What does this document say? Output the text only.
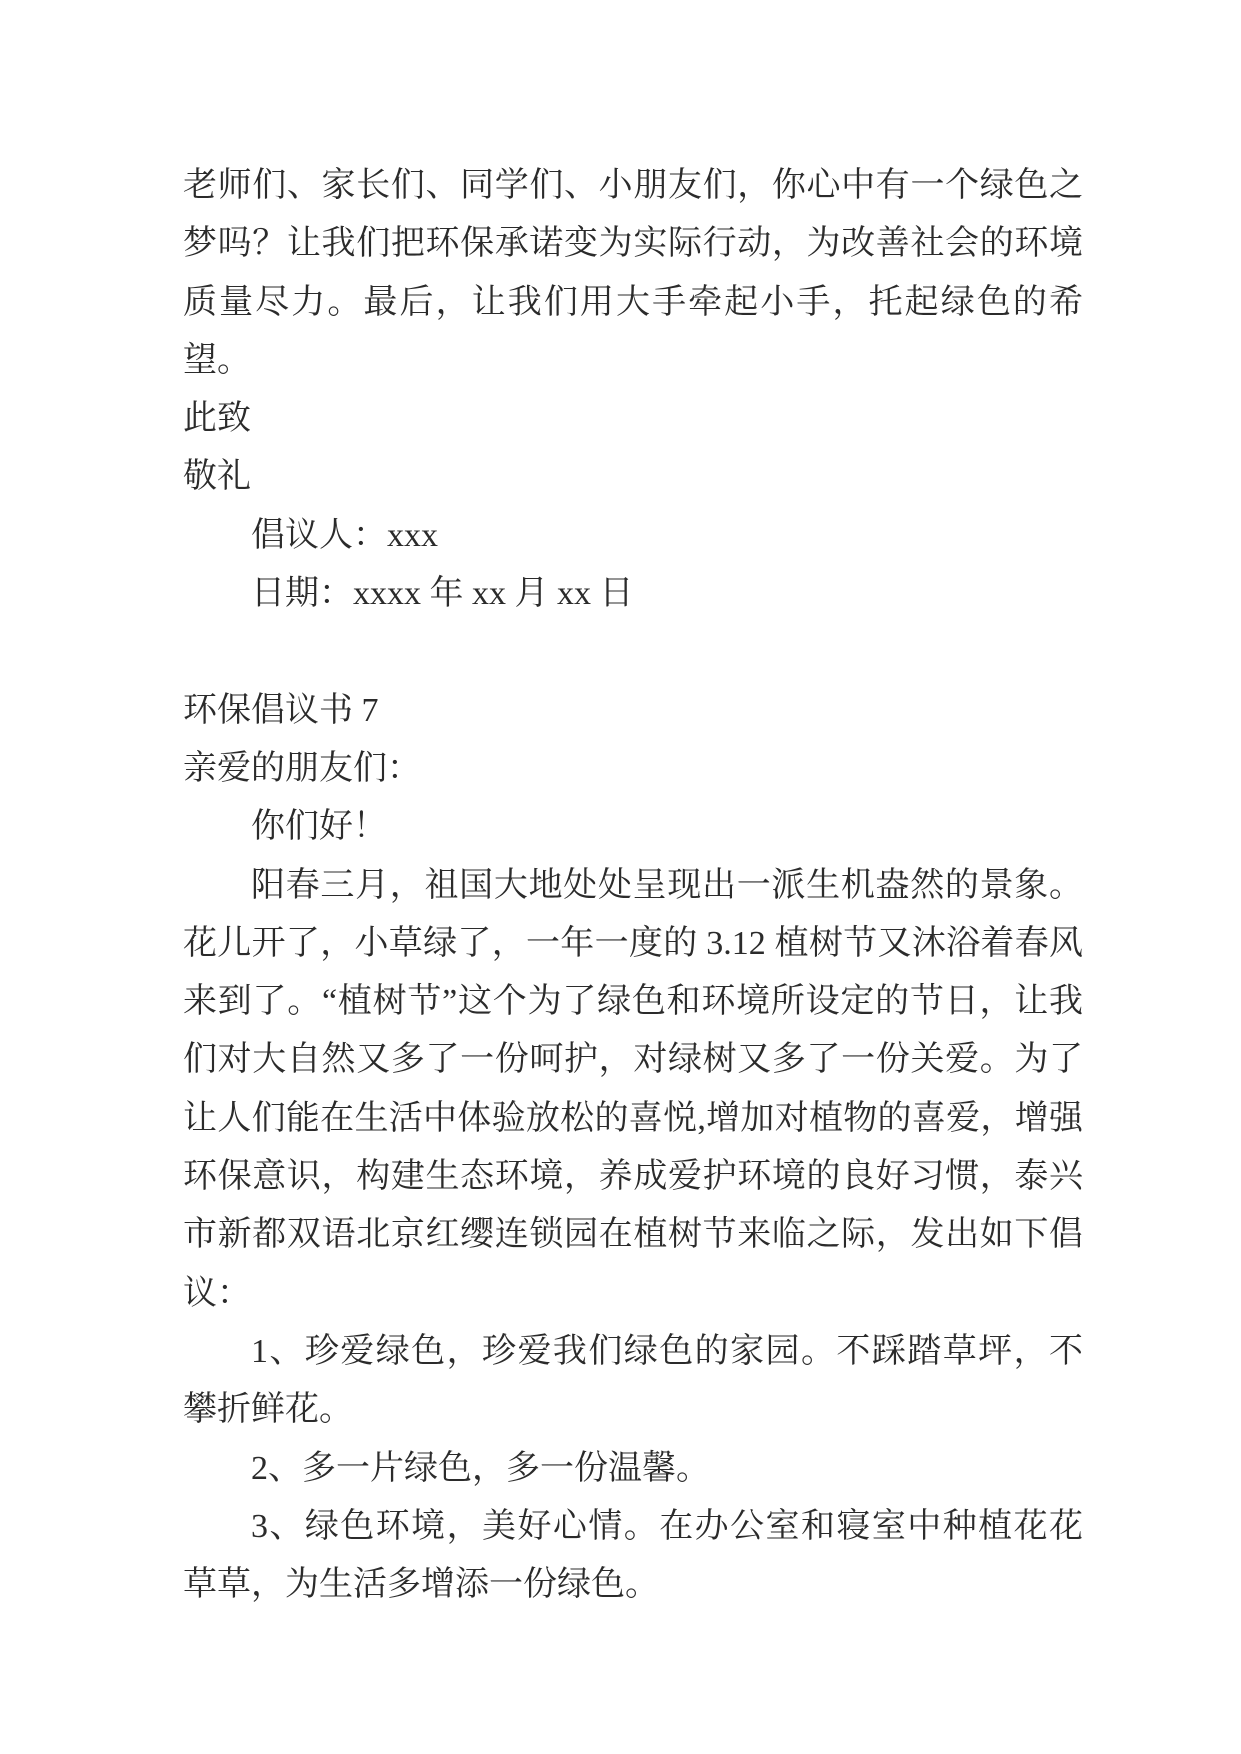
老师们、家长们、同学们、小朋友们，你心中有一个绿色之梦吗？让我们把环保承诺变为实际行动，为改善社会的环境质量尽力。最后，让我们用大手牵起小手，托起绿色的希望。

此致

敬礼

倡议人：xxx

日期：xxxx 年 xx 月 xx 日

环保倡议书 7

亲爱的朋友们：

你们好！

阳春三月，祖国大地处处呈现出一派生机盎然的景象。花儿开了，小草绿了，一年一度的 3.12 植树节又沐浴着春风来到了。“植树节”这个为了绿色和环境所设定的节日，让我们对大自然又多了一份呵护，对绿树又多了一份关爱。为了让人们能在生活中体验放松的喜悦,增加对植物的喜爱，增强环保意识，构建生态环境，养成爱护环境的良好习惯，泰兴市新都双语北京红缨连锁园在植树节来临之际，发出如下倡议：

1、珍爱绿色，珍爱我们绿色的家园。不踩踏草坪，不攀折鲜花。

2、多一片绿色，多一份温馨。

3、绿色环境，美好心情。在办公室和寝室中种植花花草草，为生活多增添一份绿色。
